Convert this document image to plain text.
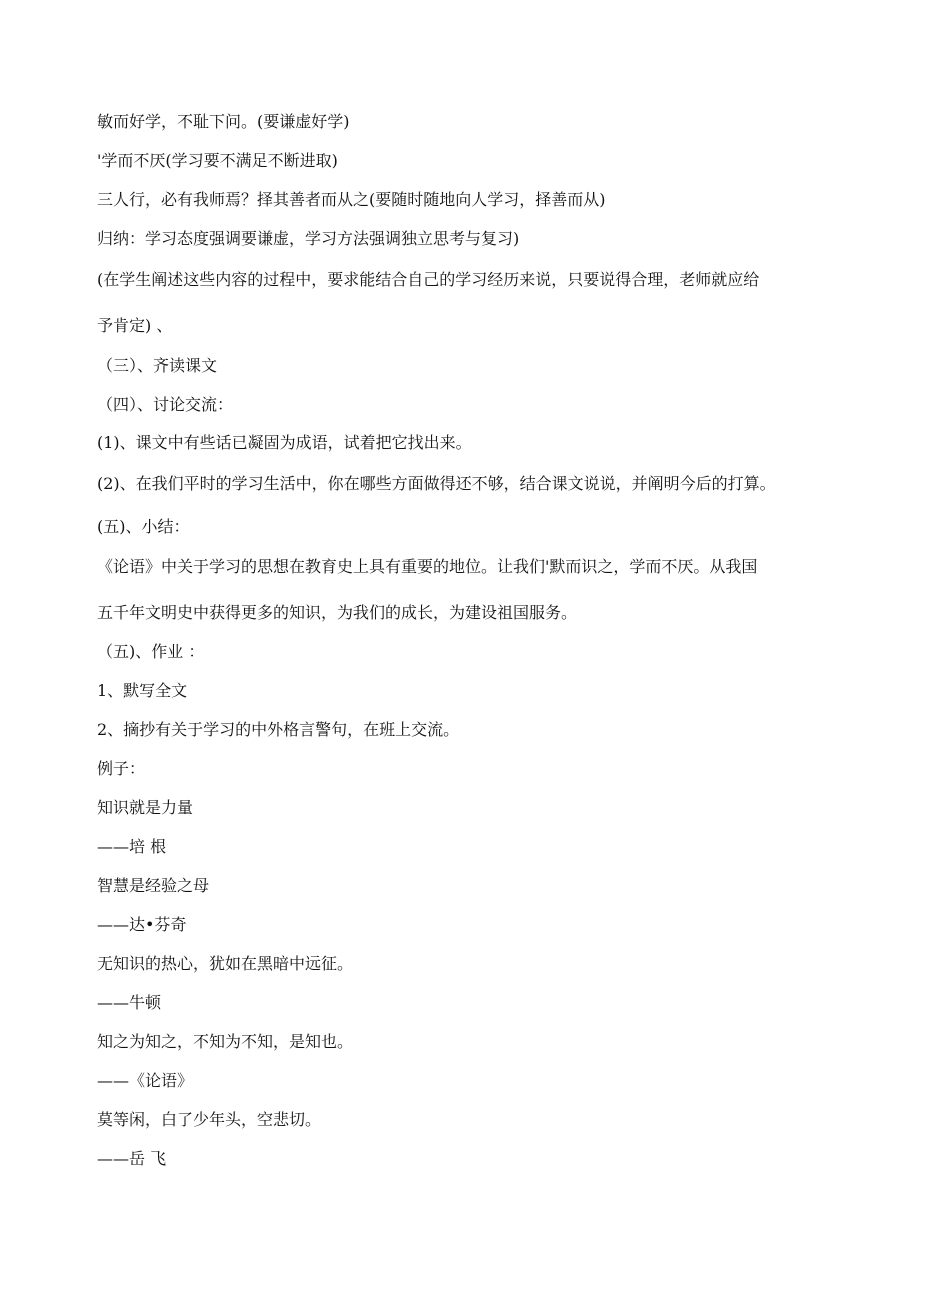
敏而好学，不耻下问。(要谦虚好学)
'学而不厌(学习要不满足不断进取)
三人行，必有我师焉？择其善者而从之(要随时随地向人学习，择善而从)
归纳：学习态度强调要谦虚，学习方法强调独立思考与复习)
(在学生阐述这些内容的过程中，要求能结合自己的学习经历来说，只要说得合理，老师就应给
予肯定) 、
（三）、齐读课文
（四）、讨论交流：
(1)、课文中有些话已凝固为成语，试着把它找出来。
(2)、在我们平时的学习生活中，你在哪些方面做得还不够，结合课文说说，并阐明今后的打算。
(五)、小结：
《论语》中关于学习的思想在教育史上具有重要的地位。让我们'默而识之，学而不厌。从我国
五千年文明史中获得更多的知识，为我们的成长，为建设祖国服务。
（五)、作业 ：
1、默写全文
2、摘抄有关于学习的中外格言警句，在班上交流。
例子：
知识就是力量
——培 根
智慧是经验之母
——达•芬奇
无知识的热心，犹如在黑暗中远征。
——牛顿
知之为知之，不知为不知，是知也。
——《论语》
莫等闲，白了少年头，空悲切。
——岳 飞
